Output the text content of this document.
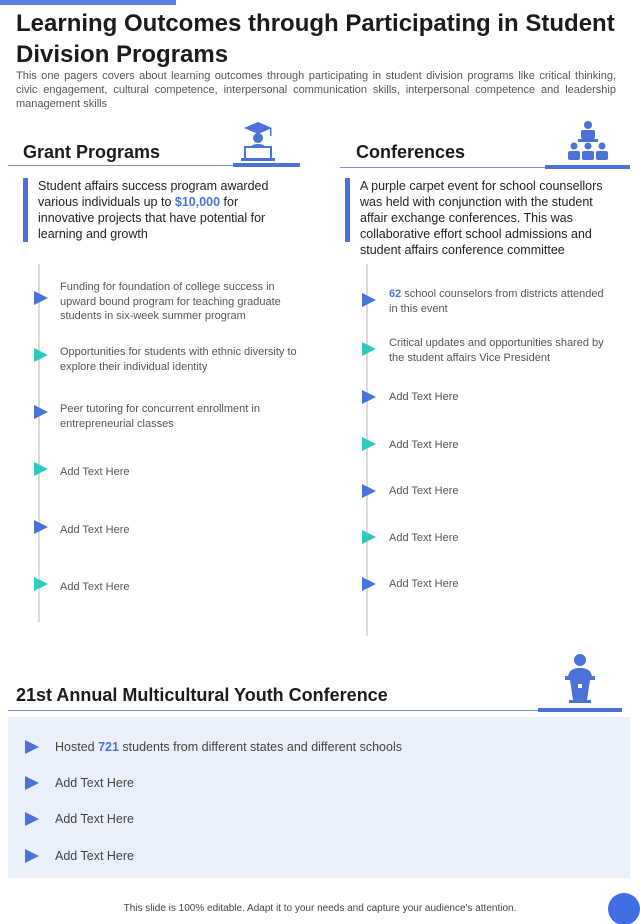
Learning Outcomes through Participating in Student Division Programs

This one pagers covers about learning outcomes through participating in student division programs like critical thinking, civic engagement, cultural competence, interpersonal communication skills, interpersonal competence and leadership management skills

Grant Programs
Student affairs success program awarded various individuals up to $10,000 for innovative projects that have potential for learning and growth
Funding for foundation of college success in upward bound program for teaching graduate students in six-week summer program
Opportunities for students with ethnic diversity to explore their individual identity
Peer tutoring for concurrent enrollment in entrepreneurial classes
Add Text Here
Add Text Here
Add Text Here
Conferences
A purple carpet event for school counsellors was held with conjunction with the student affair exchange conferences. This was collaborative effort school admissions and student affairs conference committee
62 school counselors from districts attended in this event
Critical updates and opportunities shared by the student affairs Vice President
Add Text Here
Add Text Here
Add Text Here
Add Text Here
Add Text Here
21st Annual Multicultural Youth Conference
Hosted 721 students from different states and different schools
Add Text Here
Add Text Here
Add Text Here
This slide is 100% editable. Adapt it to your needs and capture your audience's attention.
